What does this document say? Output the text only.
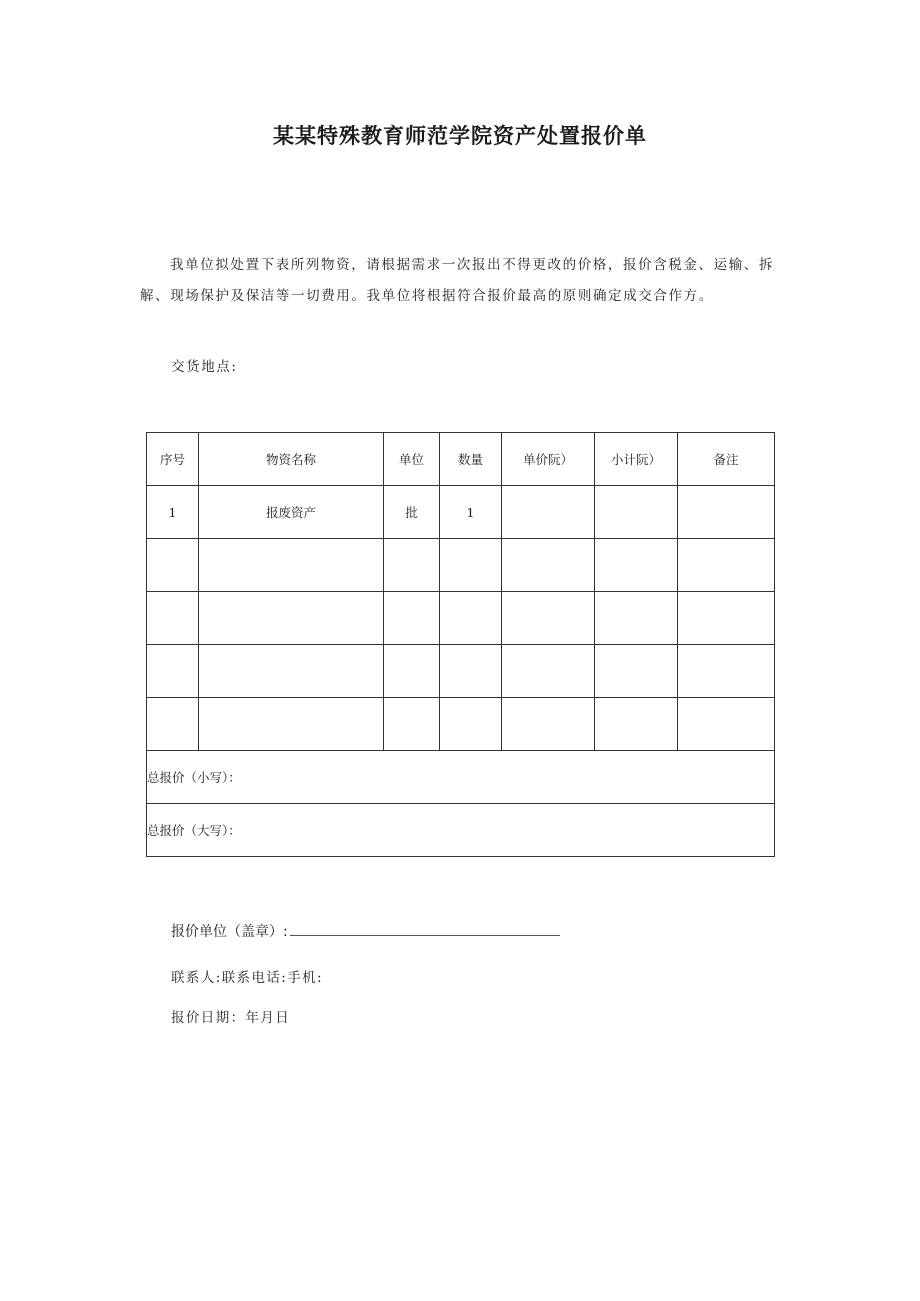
某某特殊教育师范学院资产处置报价单
我单位拟处置下表所列物资，请根据需求一次报出不得更改的价格，报价含税金、运输、拆解、现场保护及保洁等一切费用。我单位将根据符合报价最高的原则确定成交合作方。
交货地点:
序号	物资名称	单位	数量	单价阮）	小计阮）	备注
1	报废资产	批	1			

总报价（小写）：						
总报价（大写）：						
报价单位（盖章）:
联系人:联系电话:手机:
报价日期：年月日
